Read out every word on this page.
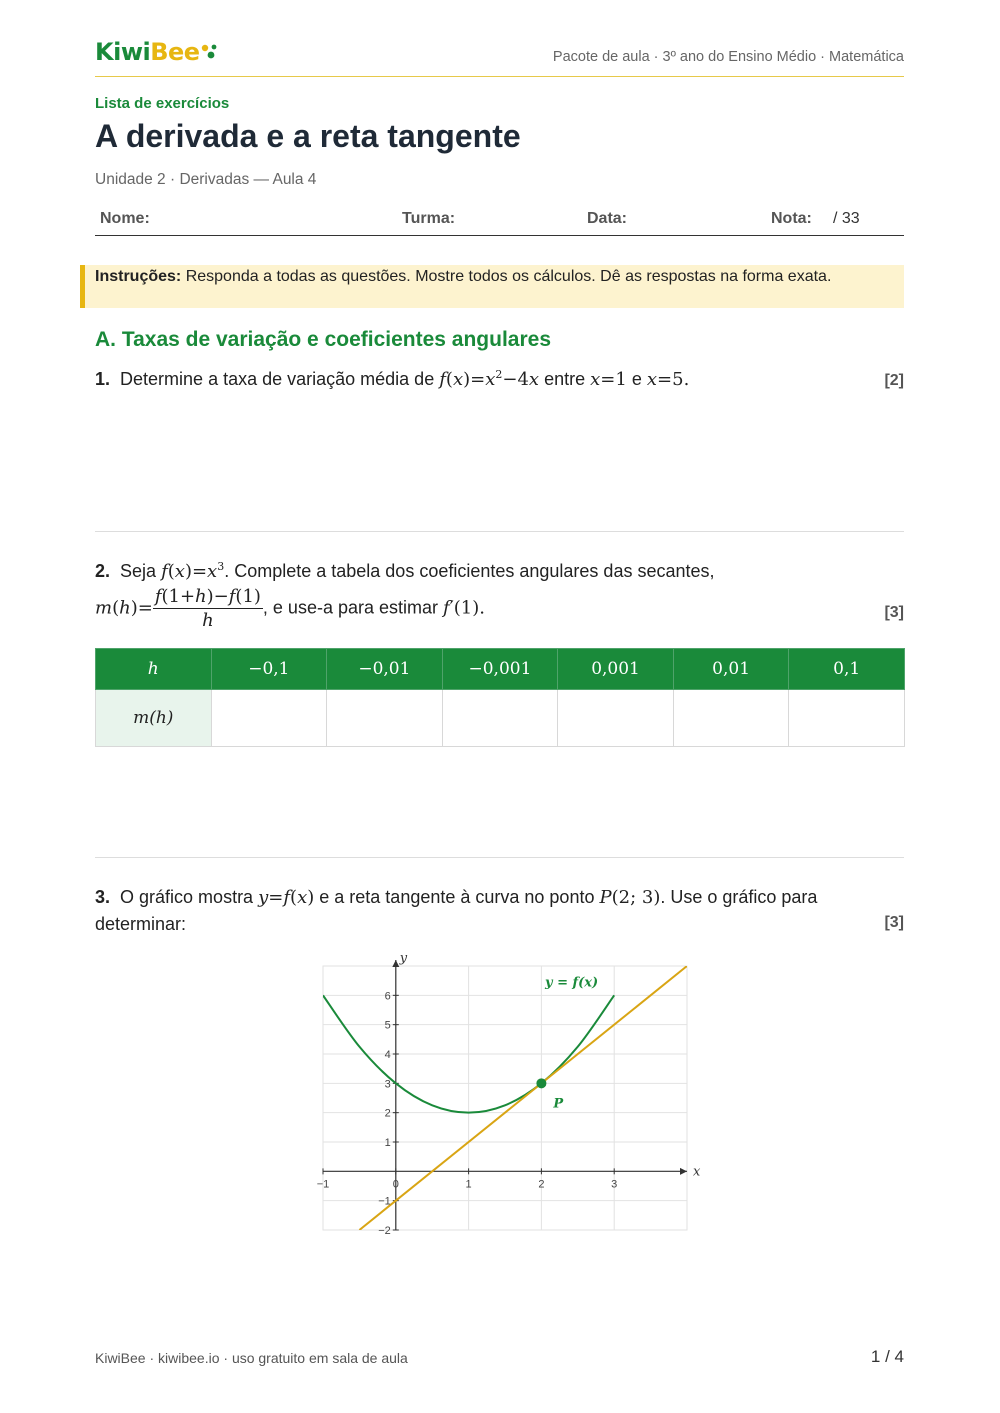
KiwiBee	Pacote de aula · 3º ano do Ensino Médio · Matemática
Lista de exercícios
A derivada e a reta tangente
Unidade 2 · Derivadas — Aula 4
Nome:	Turma:	Data:	Nota: / 33
Instruções: Responda a todas as questões. Mostre todos os cálculos. Dê as respostas na forma exata.
A. Taxas de variação e coeficientes angulares
1. Determine a taxa de variação média de $f(x)=x^2-4x$ entre x=1 e x=5.	[2]
2. Seja $f(x)=x^3$. Complete a tabela dos coeficientes angulares das secantes,
$m(h)= \frac{f(1+h)-f(1)}{h}$ , e use-a para estimar f′(1).	[3]
h	−0,1	−0,01	−0,001	0,001	0,01	0,1
m(h)						
3. O gráfico mostra y=f(x) e a reta tangente à curva no ponto P(2; 3). Use o gráfico para determinar:	[3]
x
y
−1	0	1	2	3
−2
−1
1
2
3
4
5
6
y = f(x)
P
KiwiBee · kiwibee.io · uso gratuito em sala de aula	1 / 4
